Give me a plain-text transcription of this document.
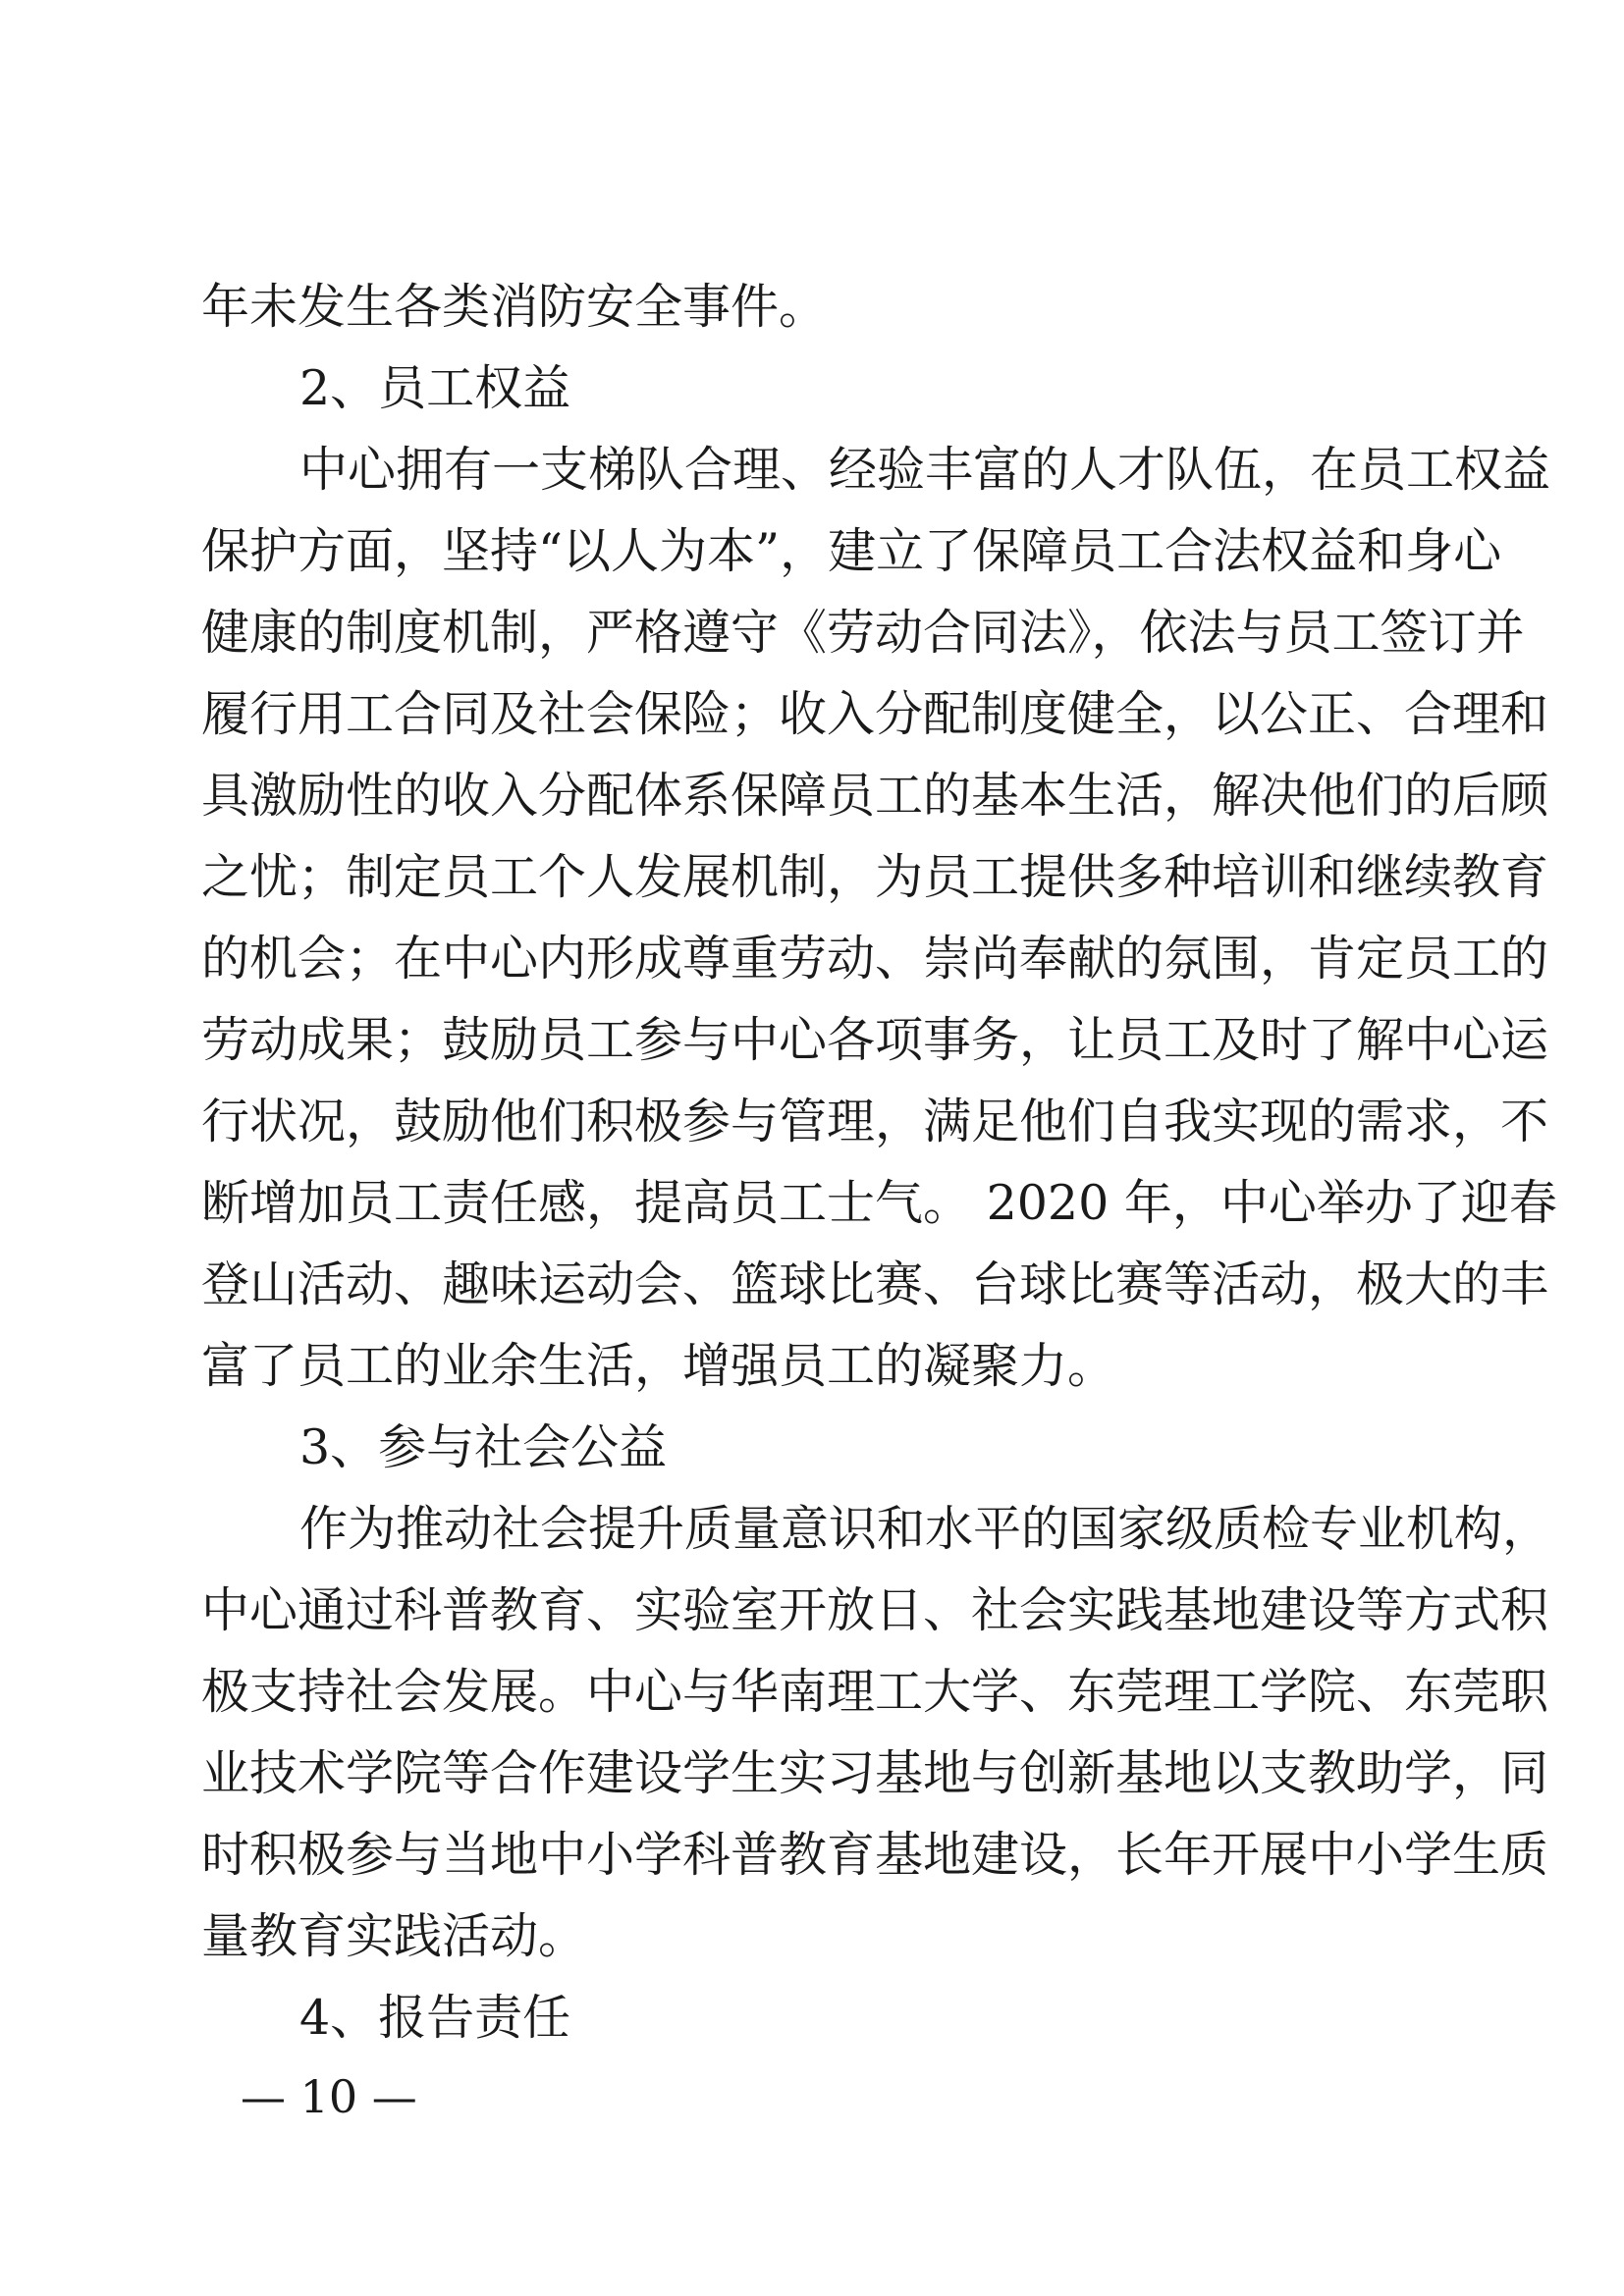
年未发生各类消防安全事件。
2、员工权益
中心拥有一支梯队合理、经验丰富的人才队伍，在员工权益
保护方面，坚持“以人为本”，建立了保障员工合法权益和身心
健康的制度机制，严格遵守《劳动合同法》，依法与员工签订并
履行用工合同及社会保险；收入分配制度健全，以公正、合理和
具激励性的收入分配体系保障员工的基本生活，解决他们的后顾
之忧；制定员工个人发展机制，为员工提供多种培训和继续教育
的机会；在中心内形成尊重劳动、崇尚奉献的氛围，肯定员工的
劳动成果；鼓励员工参与中心各项事务，让员工及时了解中心运
行状况，鼓励他们积极参与管理，满足他们自我实现的需求，不
断增加员工责任感，提高员工士气。 2020 年，中心举办了迎春
登山活动、趣味运动会、篮球比赛、台球比赛等活动，极大的丰
富了员工的业余生活，增强员工的凝聚力。
3、参与社会公益
作为推动社会提升质量意识和水平的国家级质检专业机构，
中心通过科普教育、实验室开放日、社会实践基地建设等方式积
极支持社会发展。中心与华南理工大学、东莞理工学院、东莞职
业技术学院等合作建设学生实习基地与创新基地以支教助学，同
时积极参与当地中小学科普教育基地建设，长年开展中小学生质
量教育实践活动。
4、报告责任
— 10 —
